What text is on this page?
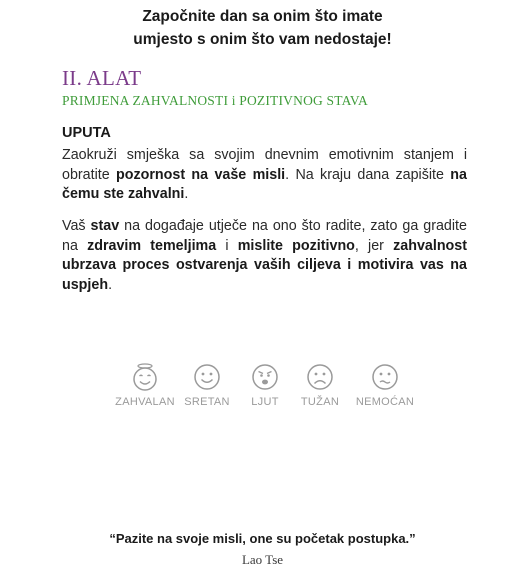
Započnite dan sa onim što imate
umjesto s onim što vam nedostaje!
II. ALAT
PRIMJENA ZAHVALNOSTI i POZITIVNOG STAVA
UPUTA
Zaokruži smješka sa svojim dnevnim emotivnim stanjem i obratite pozornost na vaše misli. Na kraju dana zapišite na čemu ste zahvalni.
Vaš stav na događaje utječe na ono što radite, zato ga gradite na zdravim temeljima i mislite pozitivno, jer zahvalnost ubrzava proces ostvarenja vaših ciljeva i motivira vas na uspjeh.
ZAHVALAN SRETAN	LJUT	TUŽAN	NEMOĆAN
“Pazite na svoje misli, one su početak postupka.”
Lao Tse
